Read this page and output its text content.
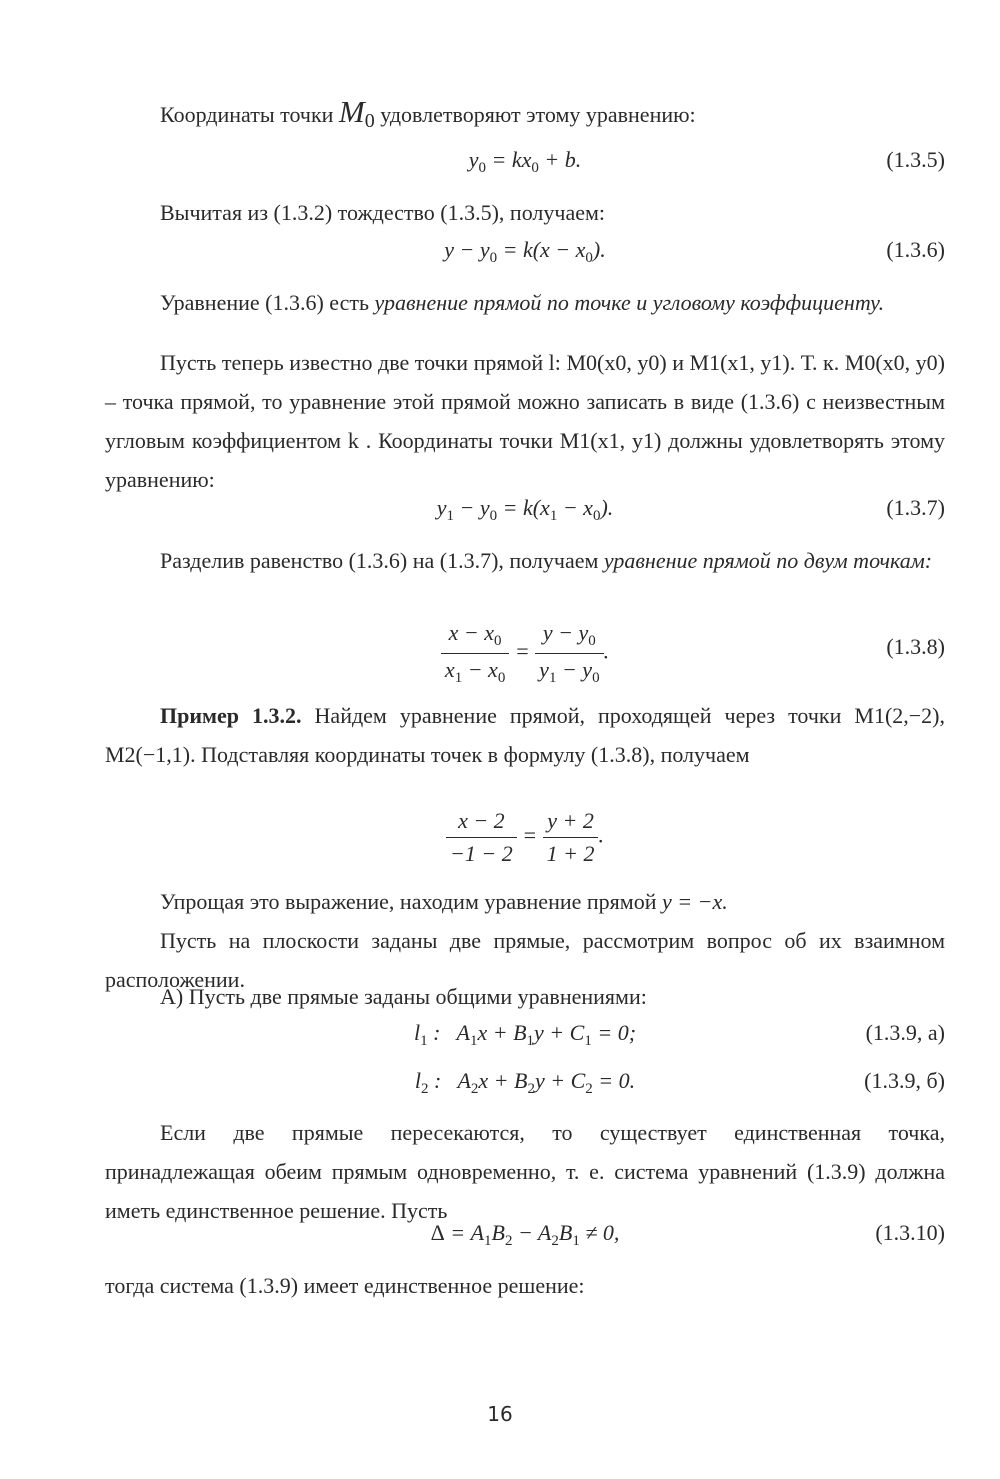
Координаты точки $M_0$ удовлетворяют этому уравнению:

$y_0 = kx_0 + b$.	(1.3.5)

Вычитая из (1.3.2) тождество (1.3.5), получаем:

$y - y_0 = k(x - x_0)$.	(1.3.6)

Уравнение (1.3.6) есть уравнение прямой по точке и угловому коэффициенту.

Пусть теперь известно две точки прямой l: M0(x0, y0) и M1(x1, y1). Т. к. M0(x0, y0) – точка прямой, то уравнение этой прямой можно записать в виде (1.3.6) с неизвестным угловым коэффициентом k . Координаты точки M1(x1, y1) должны удовлетворять этому уравнению:

$y_1 - y_0 = k(x_1 - x_0)$.	(1.3.7)

Разделив равенство (1.3.6) на (1.3.7), получаем уравнение прямой по двум точкам:

$\frac{x - x_0}{x_1 - x_0} = \frac{y - y_0}{y_1 - y_0}$ .	(1.3.8)

Пример 1.3.2. Найдем уравнение прямой, проходящей через точки M1(2,−2), M2(−1,1). Подставляя координаты точек в формулу (1.3.8), получаем

$\frac{x - 2}{-1 - 2} = \frac{y + 2}{1 + 2}$ .

Упрощая это выражение, находим уравнение прямой y = −x.

Пусть на плоскости заданы две прямые, рассмотрим вопрос об их взаимном расположении.

А) Пусть две прямые заданы общими уравнениями:

$l_1$ :   $A_1x + B_1y + C_1 = 0$;	(1.3.9, а)
$l_2$ :   $A_2x + B_2y + C_2 = 0$.	(1.3.9, б)

Если две прямые пересекаются, то существует единственная точка, принадлежащая обеим прямым одновременно, т. е. система уравнений (1.3.9) должна иметь единственное решение. Пусть

$\Delta = A_1B_2 - A_2B_1 \ne 0$,	(1.3.10)

тогда система (1.3.9) имеет единственное решение:

16
